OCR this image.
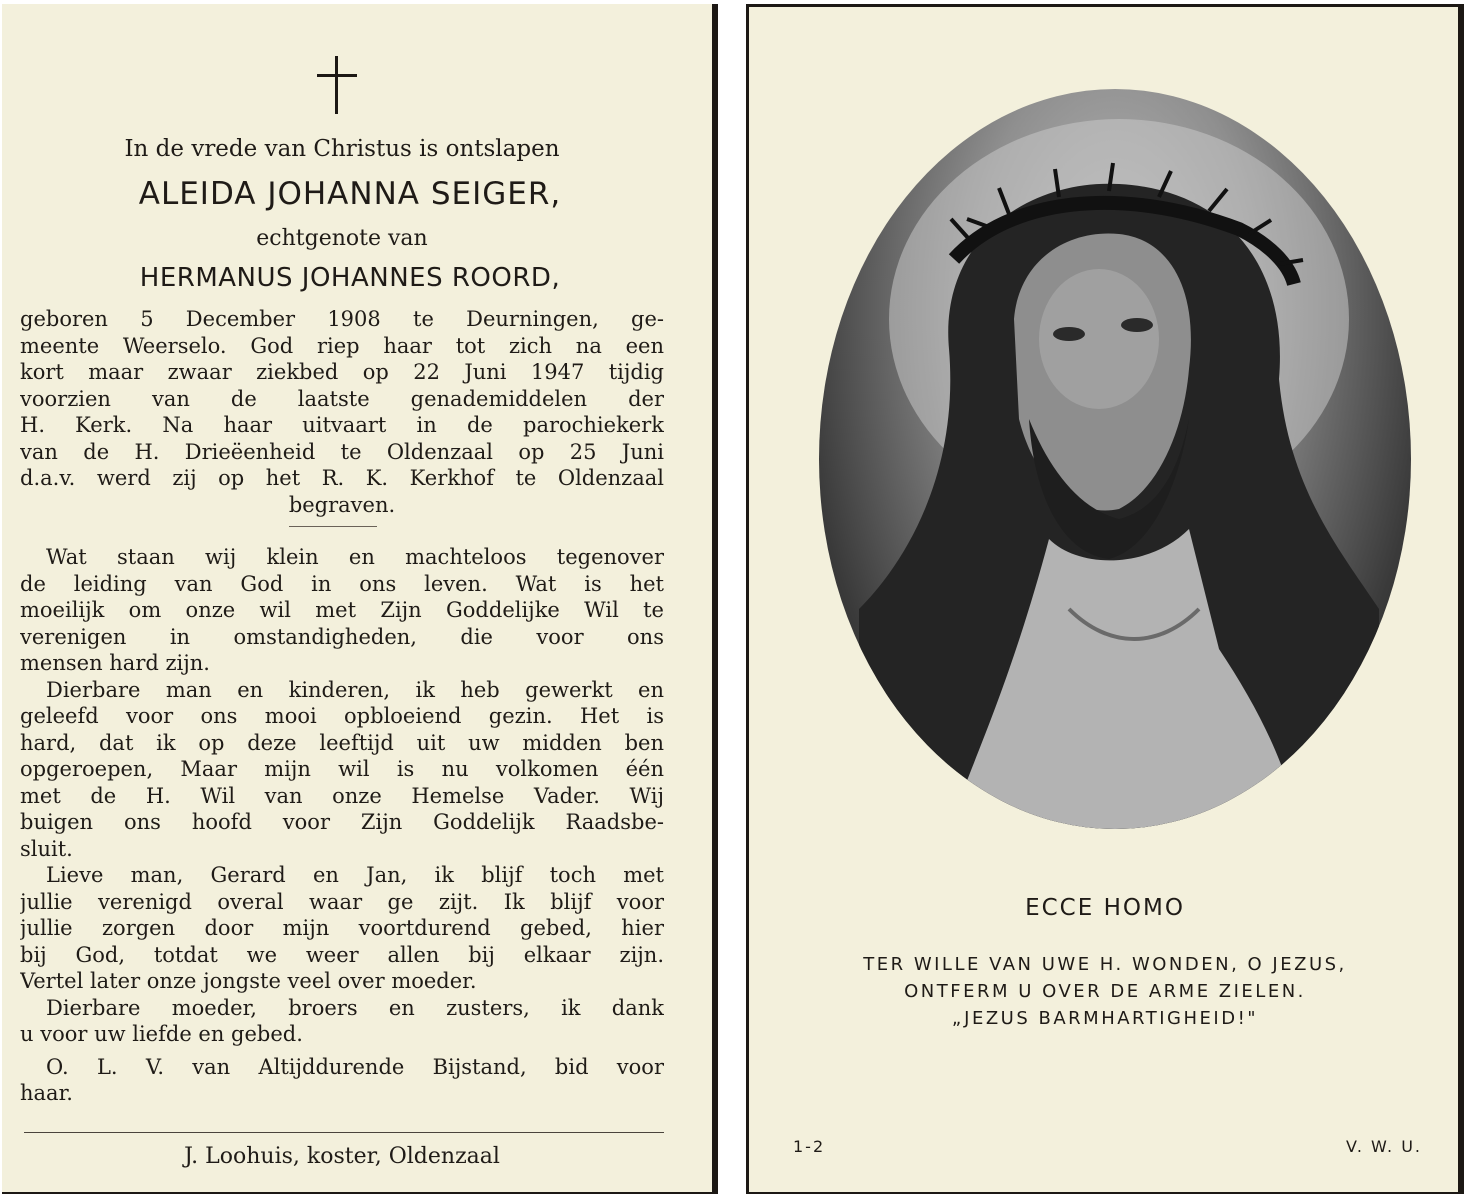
In de vrede van Christus is ontslapen
ALEIDA JOHANNA SEIGER,
echtgenote van
HERMANUS JOHANNES ROORD,
geboren 5 December 1908 te Deurningen, ge-
meente Weerselo. God riep haar tot zich na een
kort maar zwaar ziekbed op 22 Juni 1947 tijdig
voorzien van de laatste genademiddelen der
H. Kerk. Na haar uitvaart in de parochiekerk
van de H. Drieëenheid te Oldenzaal op 25 Juni
d.a.v. werd zij op het R. K. Kerkhof te Oldenzaal
begraven.
Wat staan wij klein en machteloos tegenover
de leiding van God in ons leven. Wat is het
moeilijk om onze wil met Zijn Goddelijke Wil te
verenigen in omstandigheden, die voor ons
mensen hard zijn.
Dierbare man en kinderen, ik heb gewerkt en
geleefd voor ons mooi opbloeiend gezin. Het is
hard, dat ik op deze leeftijd uit uw midden ben
opgeroepen, Maar mijn wil is nu volkomen één
met de H. Wil van onze Hemelse Vader. Wij
buigen ons hoofd voor Zijn Goddelijk Raadsbe-
sluit.
Lieve man, Gerard en Jan, ik blijf toch met
jullie verenigd overal waar ge zijt. Ik blijf voor
jullie zorgen door mijn voortdurend gebed, hier
bij God, totdat we weer allen bij elkaar zijn.
Vertel later onze jongste veel over moeder.
Dierbare moeder, broers en zusters, ik dank
u voor uw liefde en gebed.
O. L. V. van Altijddurende Bijstand, bid voor
haar.
J. Loohuis, koster, Oldenzaal
ECCE HOMO
TER WILLE VAN UWE H. WONDEN, O JEZUS,
ONTFERM U OVER DE ARME ZIELEN.
„JEZUS BARMHARTIGHEID!"
1-2	V. W. U.
